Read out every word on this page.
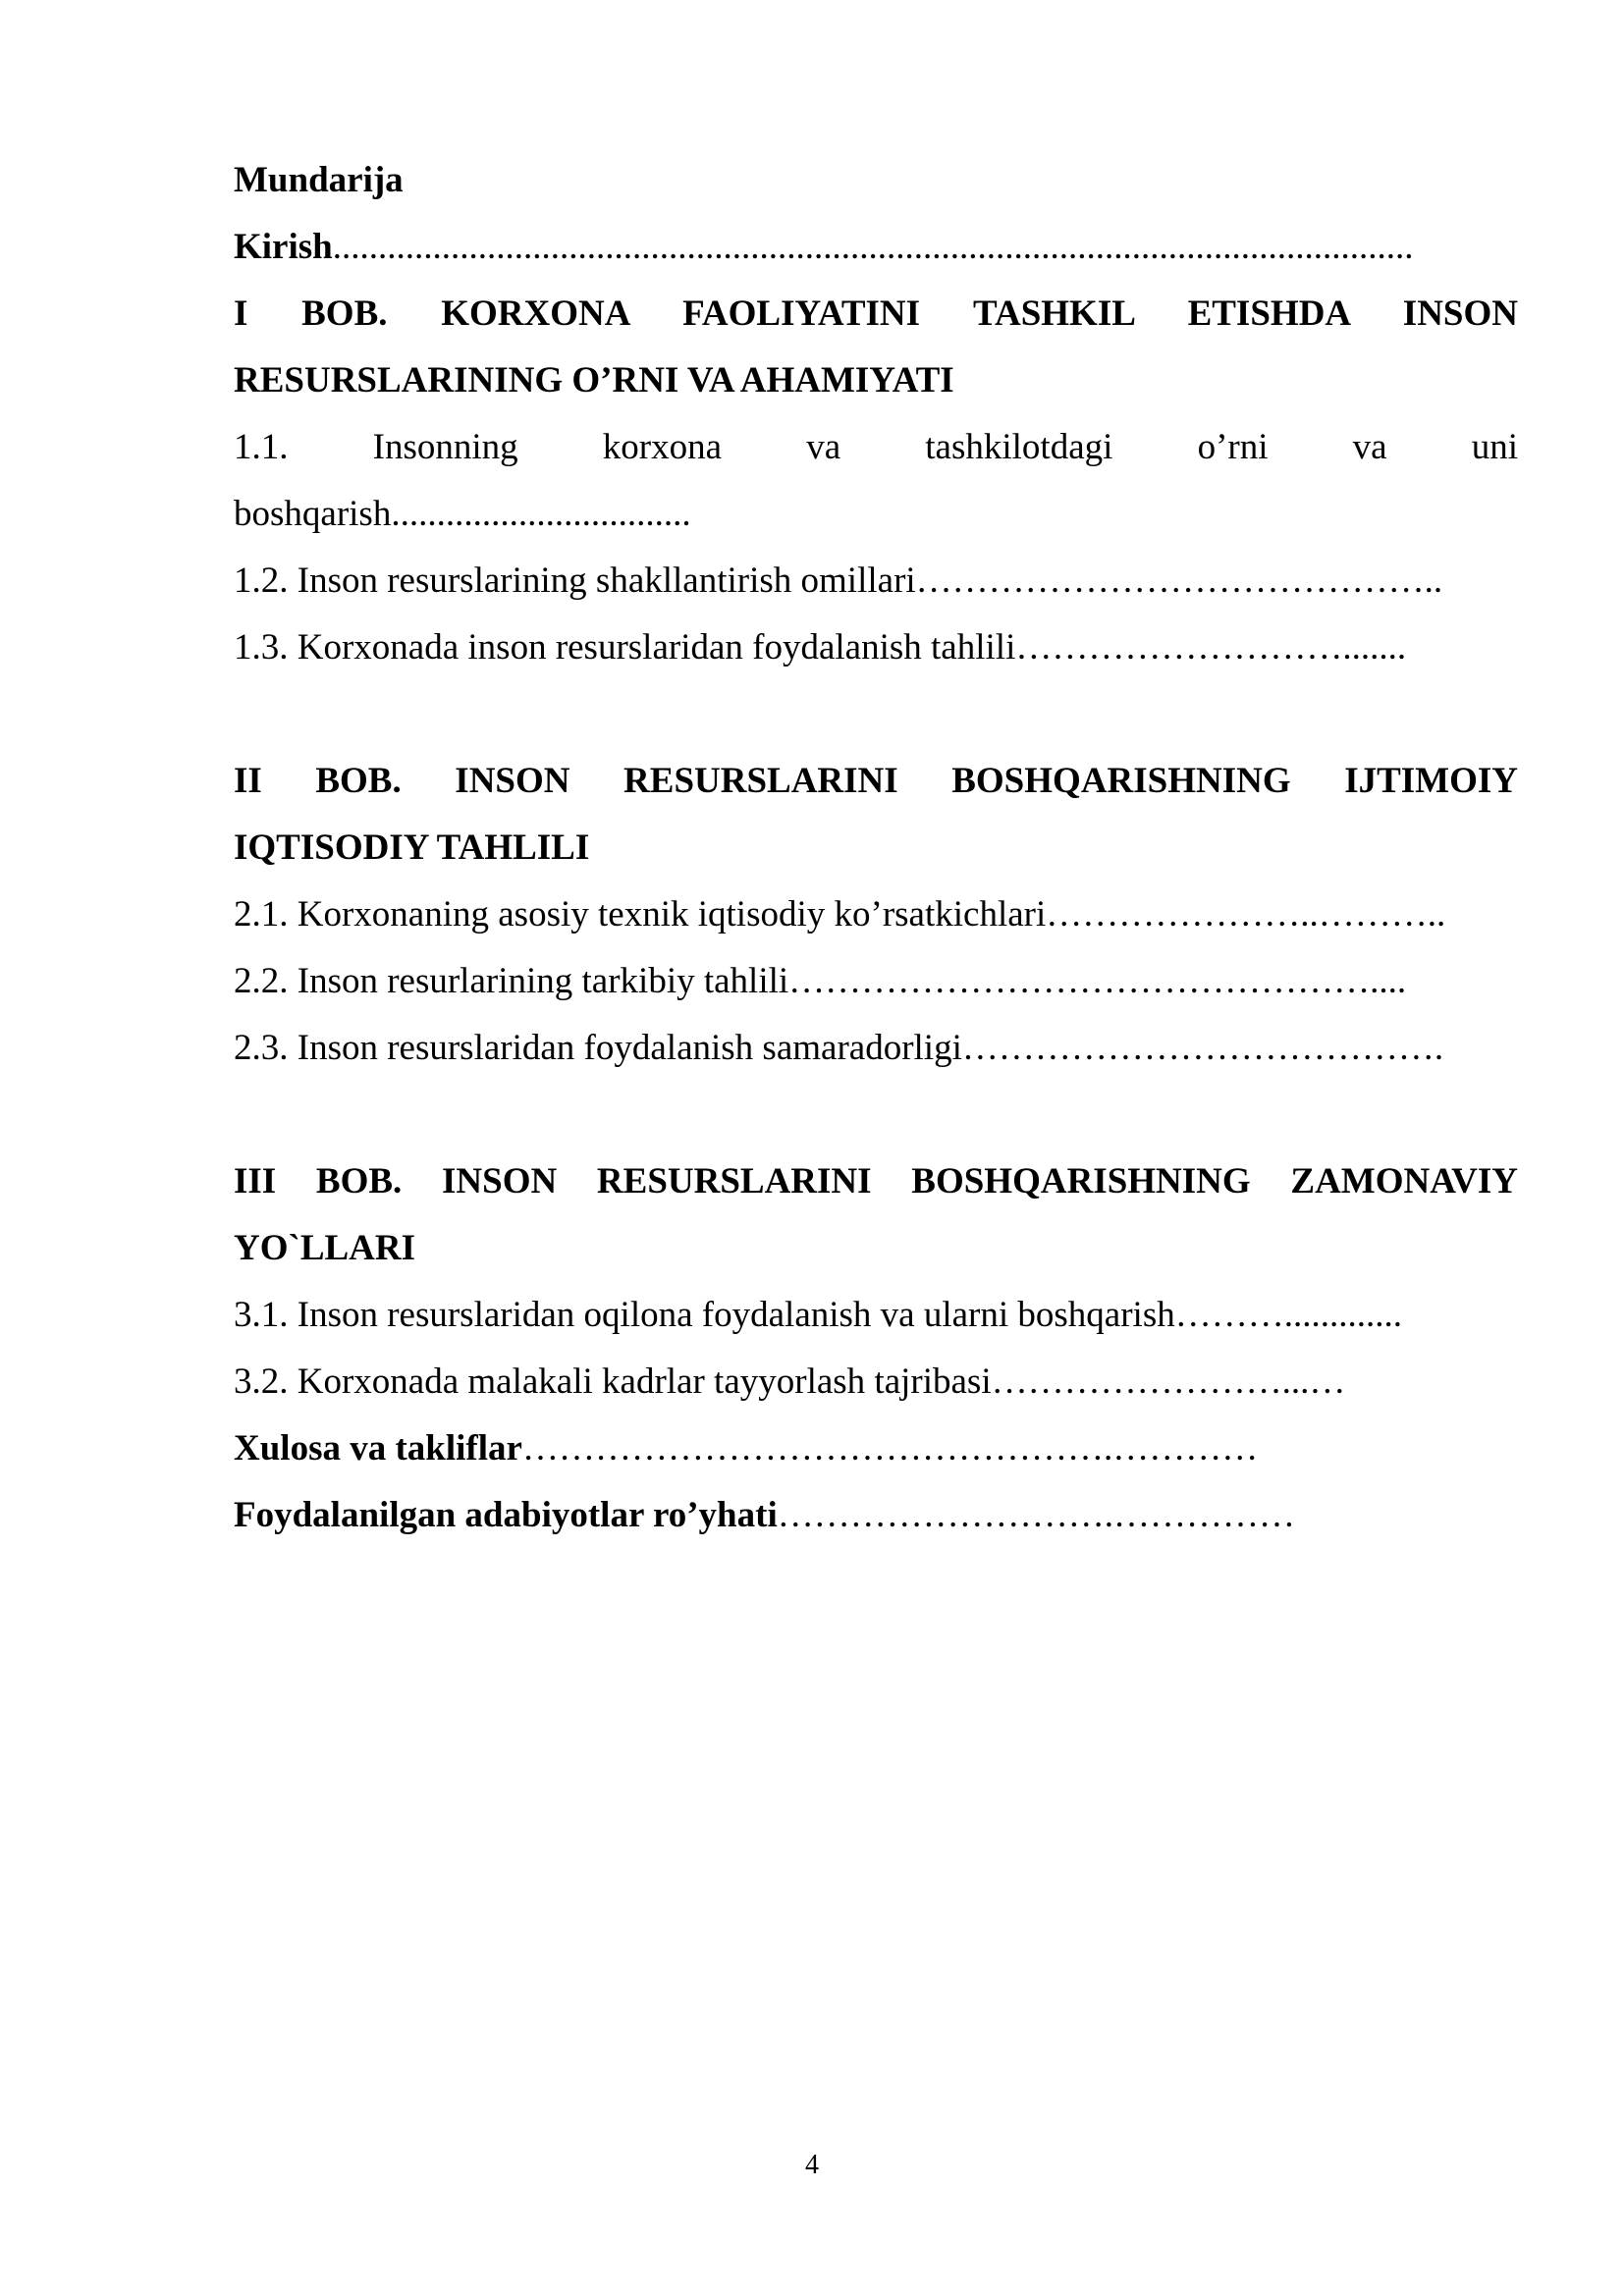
Mundarija
Kirish.......................................................................................................................
I BOB. KORXONA FAOLIYATINI TASHKIL ETISHDA INSON
RESURSLARINING O’RNI VA AHAMIYATI
1.1. Insonning korxona va tashkilotdagi o’rni va uni
boshqarish.................................
1.2. Inson resurslarining shakllantirish omillari……………………………………..
1.3. Korxonada inson resurslaridan foydalanish tahlili……………………….......
II BOB. INSON RESURSLARINI BOSHQARISHNING IJTIMOIY
IQTISODIY TAHLILI
2.1. Korxonaning asosiy texnik iqtisodiy ko’rsatkichlari…………………..………..
2.2. Inson resurlarining tarkibiy tahlili…………………………………………....
2.3. Inson resurslaridan foydalanish samaradorligi………………………………….
III BOB. INSON RESURSLARINI BOSHQARISHNING ZAMONAVIY
YO`LLARI
3.1. Inson resurslaridan oqilona foydalanish va ularni boshqarish……….............
3.2. Korxonada malakali kadrlar tayyorlash tajribasi……………………...…
Xulosa va takliflar………………………………………….…………
Foydalanilgan adabiyotlar ro’yhati……………………….……………
4
